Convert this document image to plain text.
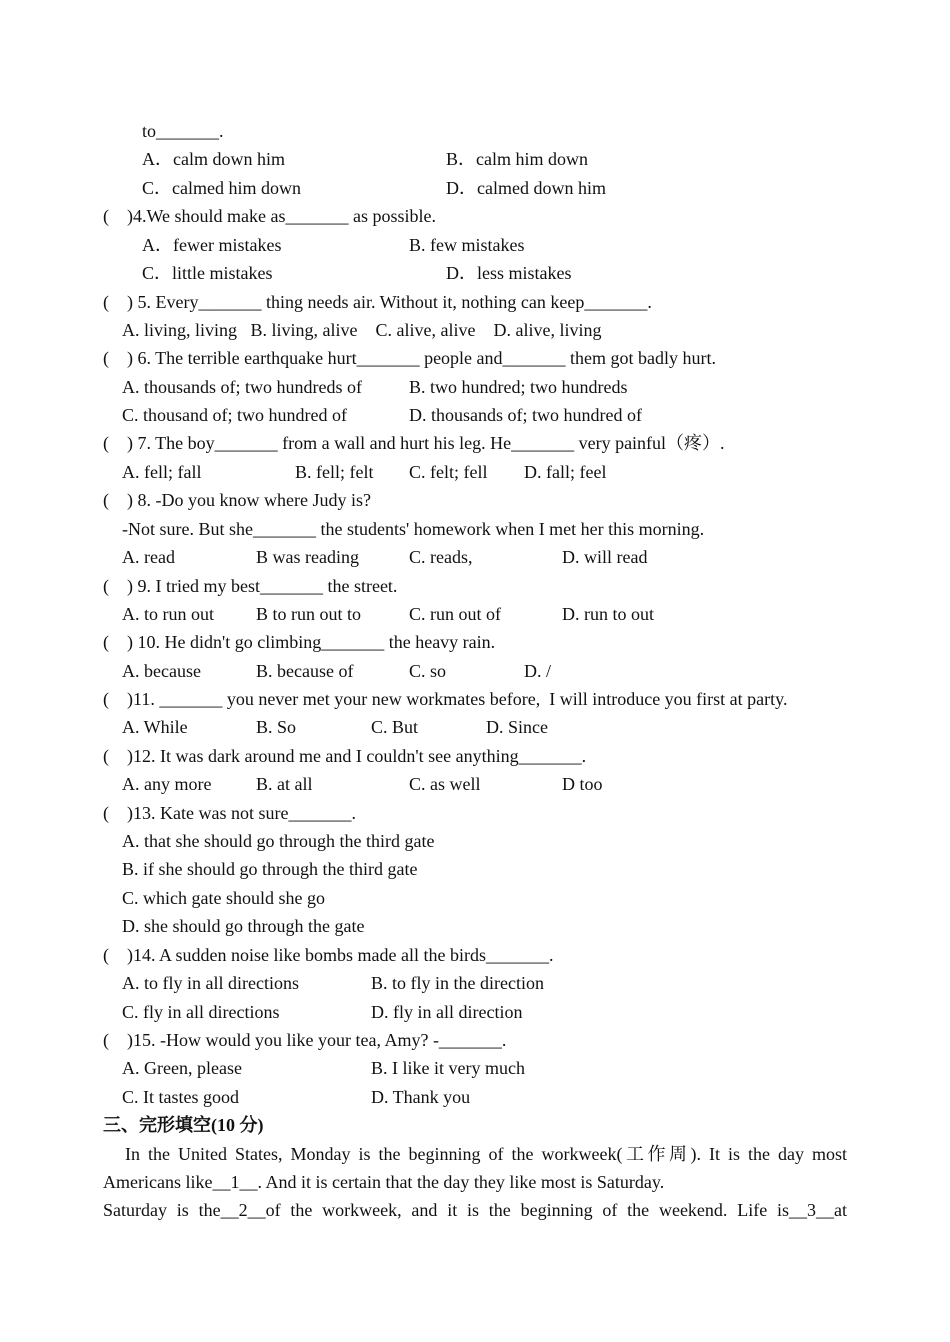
to_______.
A．calm down him	B．calm him down
C．calmed him down	D．calmed down him
(    )4.We should make as_______ as possible.
A．fewer mistakes	B. few mistakes
C．little mistakes	D．less mistakes
(    ) 5. Every_______ thing needs air. Without it, nothing can keep_______.
A. living, living   B. living, alive    C. alive, alive    D. alive, living
(    ) 6. The terrible earthquake hurt_______ people and_______ them got badly hurt.
A. thousands of; two hundreds of	B. two hundred; two hundreds
C. thousand of; two hundred of	D. thousands of; two hundred of
(    ) 7. The boy_______ from a wall and hurt his leg. He_______ very painful（疼）.
A. fell; fall	B. fell; felt C. felt; fell D. fall; feel
(    ) 8. -Do you know where Judy is?
-Not sure. But she_______ the students' homework when I met her this morning.
A. read	B was reading	C. reads,	D. will read
(    ) 9. I tried my best_______ the street.
A. to run out B to run out to	C. run out of	D. run to out
(    ) 10. He didn't go climbing_______ the heavy rain.
A. because	B. because of	C. so	D. /
(    )11. _______ you never met your new workmates before,  I will introduce you first at party.
A. While	B. So	C. But	D. Since
(    )12. It was dark around me and I couldn't see anything_______.
A. any more B. at all	C. as well	D too
(    )13. Kate was not sure_______.
A. that she should go through the third gate
B. if she should go through the third gate
C. which gate should she go
D. she should go through the gate
(    )14. A sudden noise like bombs made all the birds_______.
A. to fly in all directions	B. to fly in the direction
C. fly in all directions	D. fly in all direction
(    )15. -How would you like your tea, Amy? -_______.
A. Green, please	B. I like it very much
C. It tastes good	D. Thank you
三、完形填空(10 分)
In the United States, Monday is the beginning of the workweek(工作周). It is the day most
Americans like__1__. And it is certain that the day they like most is Saturday.
Saturday is the__2__of the workweek, and it is the beginning of the weekend. Life is__3__at
